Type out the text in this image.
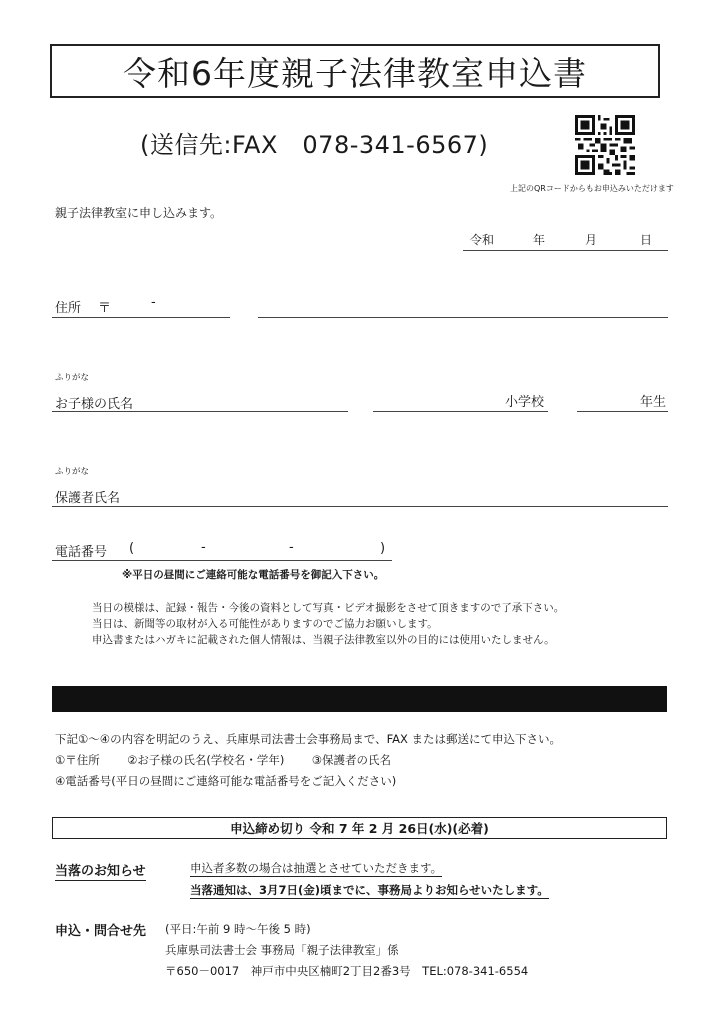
令和6年度親子法律教室申込書
(送信先:FAX　078-341-6567)
上記のQRコードからもお申込みいただけます
親子法律教室に申し込みます。
令和	年	月	日
住所 〒	-
ふりがな
お子様の氏名	小学校	年生
ふりがな
保護者氏名
電話番号 (	-	-	)
※平日の昼間にご連絡可能な電話番号を御記入下さい。
当日の模様は、記録・報告・今後の資料として写真・ビデオ撮影をさせて頂きますので了承下さい。
当日は、新聞等の取材が入る可能性がありますのでご協力お願いします。
申込書またはハガキに記載された個人情報は、当親子法律教室以外の目的には使用いたしません。
下記①～④の内容を明記のうえ、兵庫県司法書士会事務局まで、FAX または郵送にて申込下さい。
①〒住所 ②お子様の氏名(学校名・学年) ③保護者の氏名
④電話番号(平日の昼間にご連絡可能な電話番号をご記入ください)
申込締め切り 令和 7 年 2 月 26日(水)(必着)
当落のお知らせ	申込者多数の場合は抽選とさせていただきます。
当落通知は、3月7日(金)頃までに、事務局よりお知らせいたします。
申込・問合せ先 (平日:午前 9 時～午後 5 時)
兵庫県司法書士会 事務局「親子法律教室」係
〒650－0017　神戸市中央区楠町2丁目2番3号　TEL:078-341-6554
